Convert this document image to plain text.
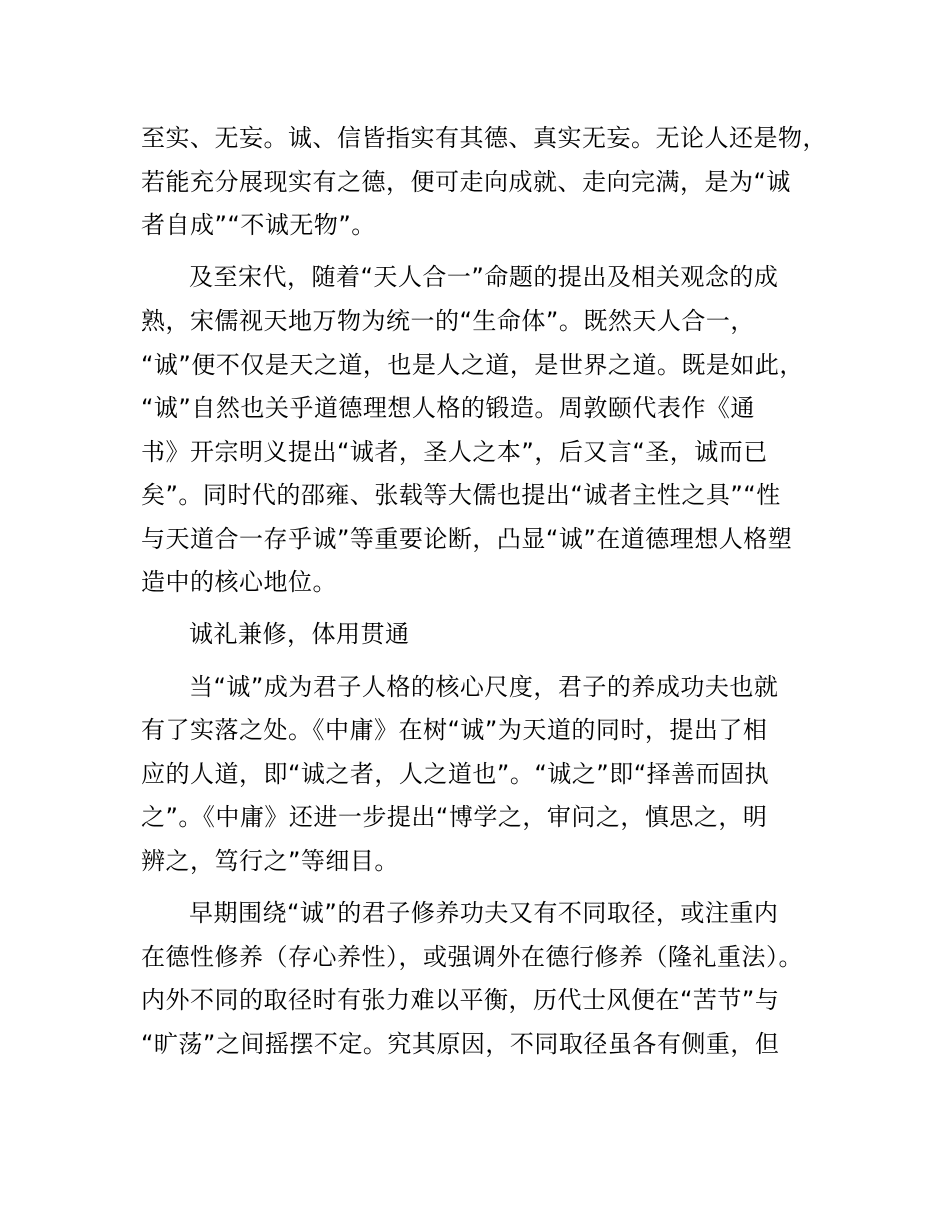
至实、无妄。诚、信皆指实有其德、真实无妄。无论人还是物，
若能充分展现实有之德，便可走向成就、走向完满，是为“诚
者自成”“不诚无物”。
及至宋代，随着“天人合一”命题的提出及相关观念的成
熟，宋儒视天地万物为统一的“生命体”。既然天人合一，
“诚”便不仅是天之道，也是人之道，是世界之道。既是如此，
“诚”自然也关乎道德理想人格的锻造。周敦颐代表作《通
书》开宗明义提出“诚者，圣人之本”，后又言“圣，诚而已
矣”。同时代的邵雍、张载等大儒也提出“诚者主性之具”“性
与天道合一存乎诚”等重要论断，凸显“诚”在道德理想人格塑
造中的核心地位。
诚礼兼修，体用贯通
当“诚”成为君子人格的核心尺度，君子的养成功夫也就
有了实落之处。《中庸》在树“诚”为天道的同时，提出了相
应的人道，即“诚之者，人之道也”。“诚之”即“择善而固执
之”。《中庸》还进一步提出“博学之，审问之，慎思之，明
辨之，笃行之”等细目。
早期围绕“诚”的君子修养功夫又有不同取径，或注重内
在德性修养（存心养性），或强调外在德行修养（隆礼重法）。
内外不同的取径时有张力难以平衡，历代士风便在“苦节”与
“旷荡”之间摇摆不定。究其原因，不同取径虽各有侧重，但
